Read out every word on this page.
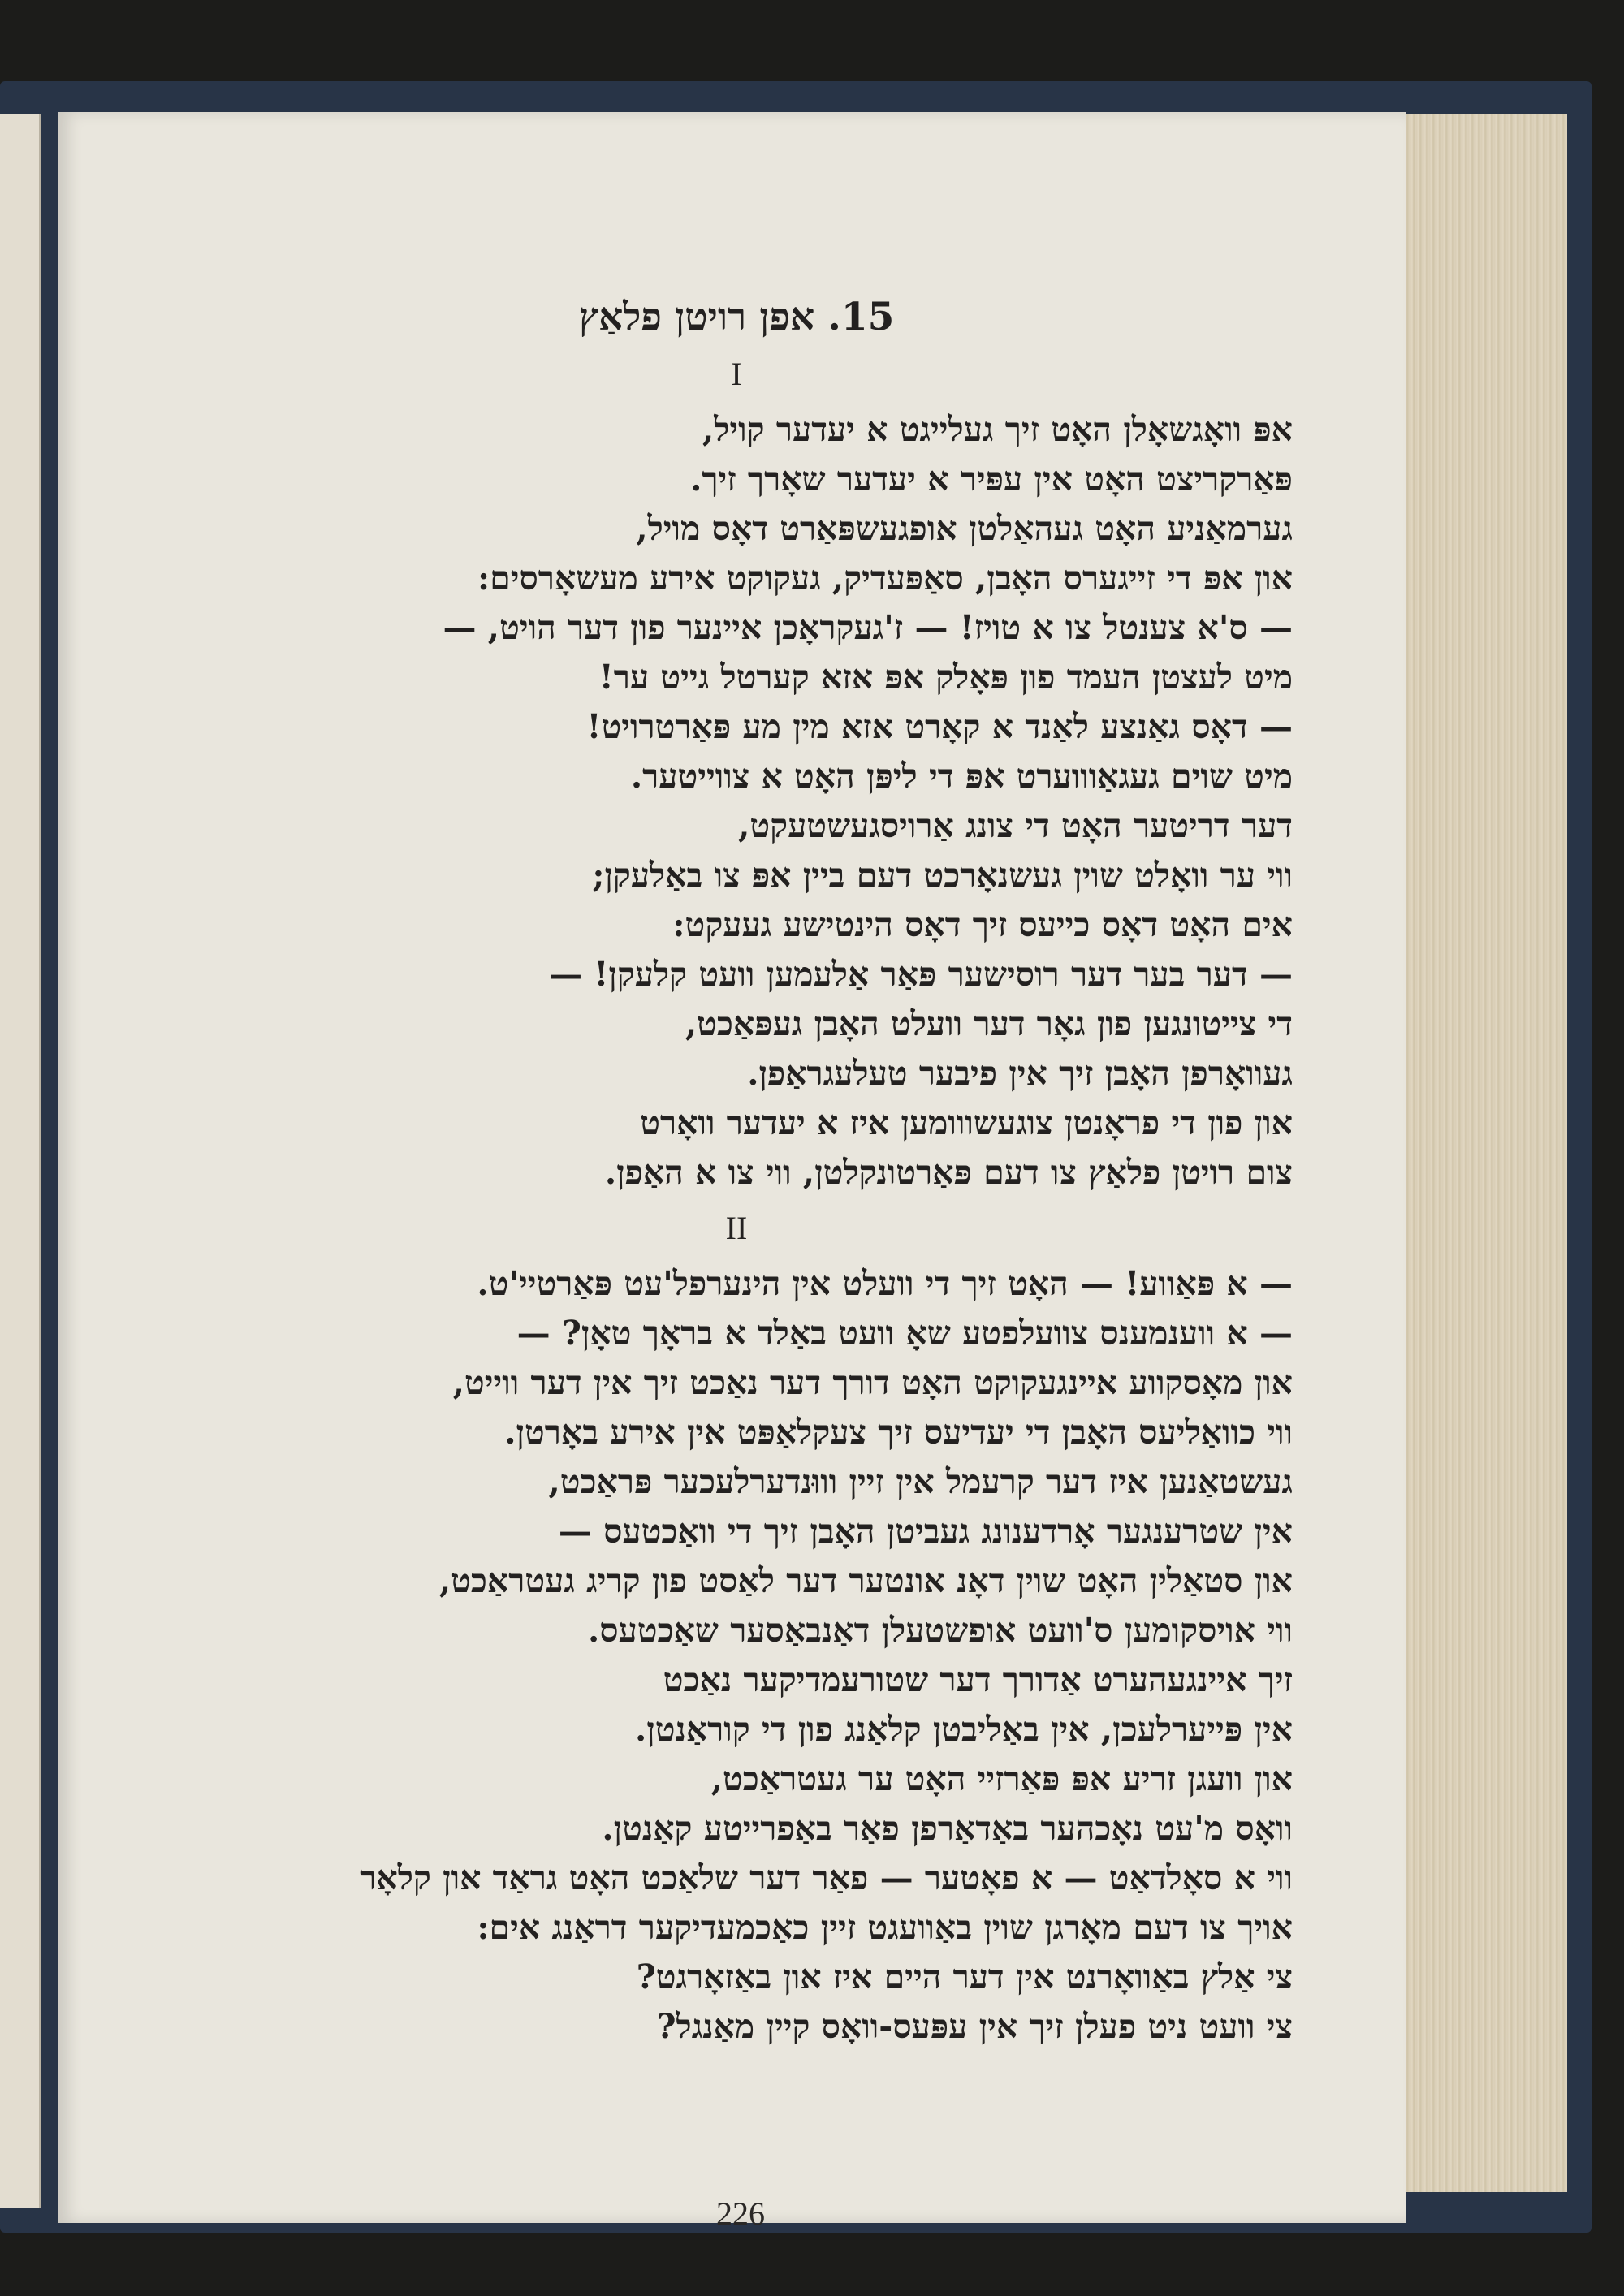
15. אפן רויטן פלאַץ
I
אפּ וואָגשאָלן האָט זיך געלייגט א יעדער קויל,
פּאַרקריצט האָט אין עפּיר א יעדער שאָרך זיך.
גערמאַניע האָט געהאַלטן אופגעשפּאַרט דאָס מויל,
און אפּ די זייגערס האָבן, סאַפּעדיק, געקוקט אירע מעשאָרסים:
— ס'א צענטל צו א טויז! — ז'געקראָכן איינער פון דער הויט, —
מיט לעצטן העמד פון פּאָלק אפּ אזא קערטל גייט ער!
— דאָס גאַנצע לאַנד א קאָרט אזא מין מע פּאַרטרויט!
מיט שוים געגאַוווערט אפּ די ליפּן האָט א צווייטער.
דער דריטער האָט די צונג אַרויסגעשטעקט,
ווי ער וואָלט שוין געשנאָרכט דעם ביין אפּ צו באַלעקן;
אים האָט דאָס כייעס זיך דאָס הינטישע געעקט:
— דער בער דער רוסישער פּאַר אַלעמען וועט קלעקן! —
די צייטונגען פון גאָר דער וועלט האָבן געפּאַכט,
געוואָרפן האָבן זיך אין פיבער טעלעגראַפן.
און פון די פראָנטן צוגעשווומען איז א יעדער וואָרט
צום רויטן פלאַץ צו דעם פּאַרטונקלטן, ווי צו א האַפן.
II
— א פּאַווע! — האָט זיך די וועלט אין הינערפל'עט פּאַרטיי'ט.
— א ווענמענס צוועלפטע שאָ וועט באַלד א בראָך טאָן? —
און מאָסקווע איינגעקוקט האָט דורך דער נאַכט זיך אין דער ווייט,
ווי כוואַליעס האָבן די יעדיעס זיך צעקלאַפּט אין אירע באָרטן.
געשטאַנען איז דער קרעמל אין זיין וווּנדערלעכער פּראַכט,
אין שטרענגער אָרדענונג געביטן האָבן זיך די וואַכטעס —
און סטאַלין האָט שוין דאָנ אונטער דער לאַסט פון קריג געטראַכט,
ווי אויסקומען ס'וועט אופשטעלן דאַנבאַסער שאַכטעס.
זיך איינגעהערט אַדורך דער שטורעמדיקער נאַכט
אין פּייערלעכן, אין באַליבטן קלאַנג פון די קוראַנטן.
און וועגן זריע אפּ פּאַרזיי האָט ער געטראַכט,
וואָס מ'עט נאָכהער באַדאַרפן פאַר באַפרייטע קאַנטן.
ווי א סאָלדאַט — א פאָטער — פאַר דער שלאַכט האָט גראַד און קלאָר
אויך צו דעם מאָרגן שוין באַוועגט זיין כאַכמעדיקער דראַנג אים:
צי אַלץ באַוואָרנט אין דער היים איז און באַזאָרגט?
צי וועט ניט פעלן זיך אין עפּעס-וואָס קיין מאַנגל?
226
